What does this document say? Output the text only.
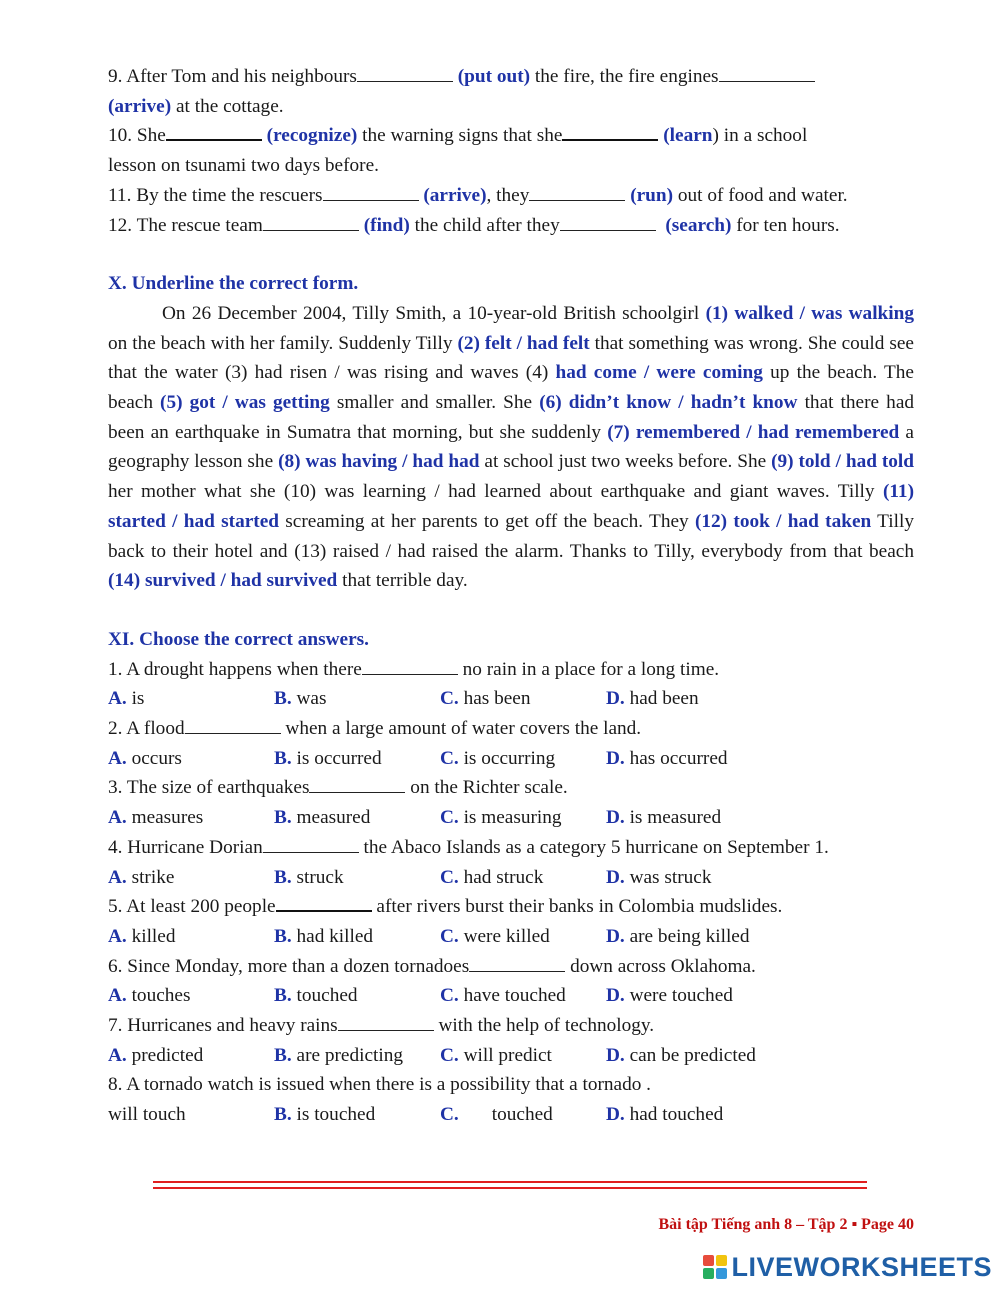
9. After Tom and his neighbours	(put out) the fire, the fire engines
(arrive) at the cottage.
10. She	(recognize) the warning signs that she	(learn) in a school
lesson on tsunami two days before.
11. By the time the rescuers	(arrive), they	(run) out of food and water.
12. The rescue team	(find) the child after they	(search) for ten hours.
X. Underline the correct form.
On 26 December 2004, Tilly Smith, a 10-year-old British schoolgirl (1) walked / was walking on the beach with her family. Suddenly Tilly (2) felt / had felt that something was wrong. She could see that the water (3) had risen / was rising and waves (4) had come / were coming up the beach. The beach (5) got / was getting smaller and smaller. She (6) didn’t know / hadn’t know that there had been an earthquake in Sumatra that morning, but she suddenly (7) remembered / had remembered a geography lesson she (8) was having / had had at school just two weeks before. She (9) told / had told her mother what she (10) was learning / had learned about earthquake and giant waves. Tilly (11) started / had started screaming at her parents to get off the beach. They (12) took / had taken Tilly back to their hotel and (13) raised / had raised the alarm. Thanks to Tilly, everybody from that beach (14) survived / had survived that terrible day.
XI. Choose the correct answers.
1. A drought happens when there	no rain in a place for a long time.
A. is	B. was	C. has been	D. had been
2. A flood	when a large amount of water covers the land.
A. occurs	B. is occurred	C. is occurring	D. has occurred
3. The size of earthquakes	on the Richter scale.
A. measures	B. measured	C. is measuring D. is measured
4. Hurricane Dorian	the Abaco Islands as a category 5 hurricane on September 1.
A. strike	B. struck	C. had struck	D. was struck
5. At least 200 people	after rivers burst their banks in Colombia mudslides.
A. killed	B. had killed	C. were killed	D. are being killed
6. Since Monday, more than a dozen tornadoes	down across Oklahoma.
A. touches	B. touched	C. have touched D. were touched
7. Hurricanes and heavy rains	with the help of technology.
A. predicted	B. are predicting C. will predict	D. can be predicted
8. A tornado watch is issued when there is a possibility that a tornado .
will touch	B. is touched	C. touched	D. had touched
Bài tập Tiếng anh 8 – Tập 2 ▪ Page 40
LIVEWORKSHEETS
